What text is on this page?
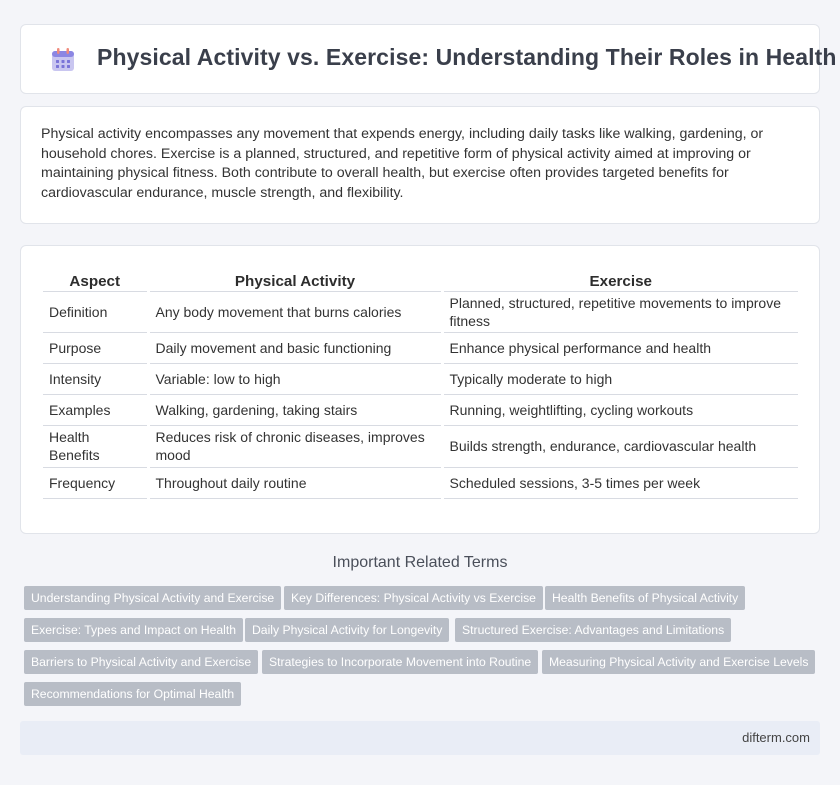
Physical Activity vs. Exercise: Understanding Their Roles in Health

Physical activity encompasses any movement that expends energy, including daily tasks like walking, gardening, or household chores. Exercise is a planned, structured, and repetitive form of physical activity aimed at improving or maintaining physical fitness. Both contribute to overall health, but exercise often provides targeted benefits for cardiovascular endurance, muscle strength, and flexibility.

Aspect	Physical Activity	Exercise
Definition	Any body movement that burns calories	Planned, structured, repetitive movements to improve fitness
Purpose	Daily movement and basic functioning	Enhance physical performance and health
Intensity	Variable: low to high	Typically moderate to high
Examples	Walking, gardening, taking stairs	Running, weightlifting, cycling workouts
Health Benefits	Reduces risk of chronic diseases, improves mood	Builds strength, endurance, cardiovascular health
Frequency	Throughout daily routine	Scheduled sessions, 3-5 times per week
Important Related Terms
Understanding Physical Activity and Exercise	Key Differences: Physical Activity vs Exercise	Health Benefits of Physical Activity
Exercise: Types and Impact on Health	Daily Physical Activity for Longevity	Structured Exercise: Advantages and Limitations
Barriers to Physical Activity and Exercise	Strategies to Incorporate Movement into Routine	Measuring Physical Activity and Exercise Levels
Recommendations for Optimal Health
difterm.com
